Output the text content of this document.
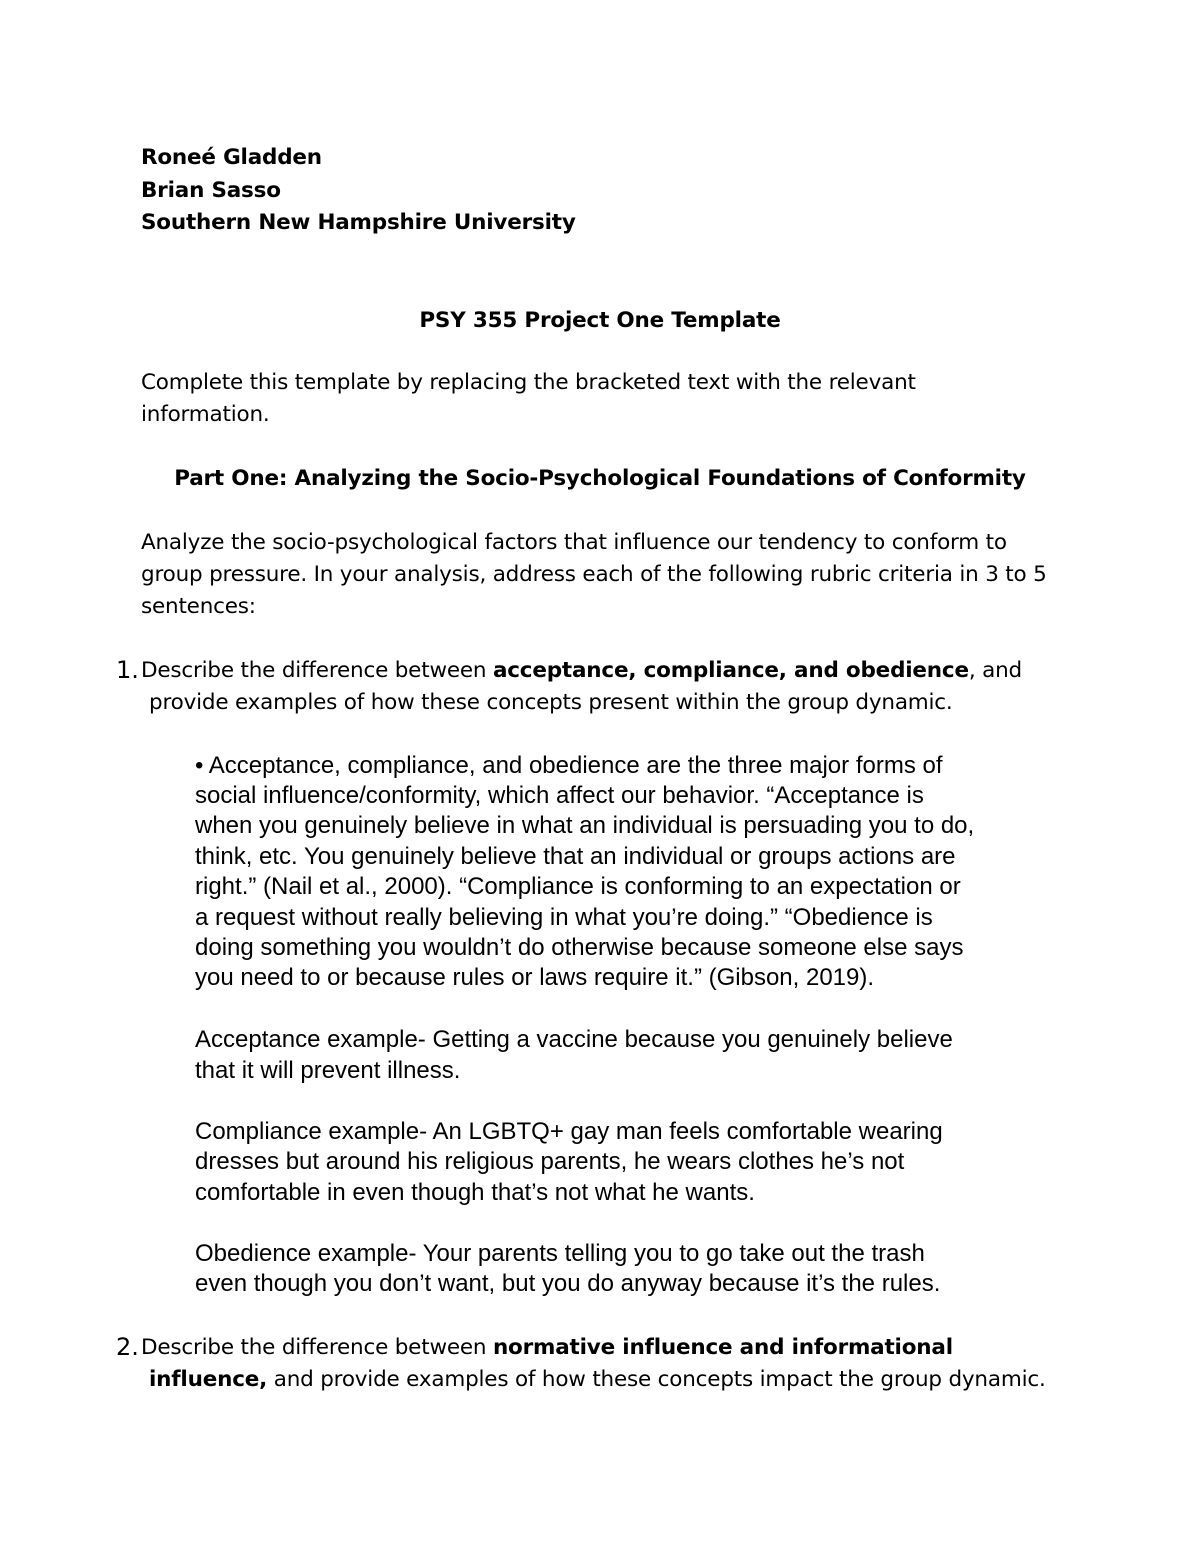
Roneé Gladden
Brian Sasso
Southern New Hampshire University
PSY 355 Project One Template
Complete this template by replacing the bracketed text with the relevant
information.
Part One: Analyzing the Socio-Psychological Foundations of Conformity
Analyze the socio-psychological factors that influence our tendency to conform to
group pressure. In your analysis, address each of the following rubric criteria in 3 to 5
sentences:
1. Describe the difference between acceptance, compliance, and obedience, and
provide examples of how these concepts present within the group dynamic.
• Acceptance, compliance, and obedience are the three major forms of
social influence/conformity, which affect our behavior. “Acceptance is
when you genuinely believe in what an individual is persuading you to do,
think, etc. You genuinely believe that an individual or groups actions are
right.” (Nail et al., 2000). “Compliance is conforming to an expectation or
a request without really believing in what you’re doing.” “Obedience is
doing something you wouldn’t do otherwise because someone else says
you need to or because rules or laws require it.” (Gibson, 2019).
Acceptance example- Getting a vaccine because you genuinely believe
that it will prevent illness.
Compliance example- An LGBTQ+ gay man feels comfortable wearing
dresses but around his religious parents, he wears clothes he’s not
comfortable in even though that’s not what he wants.
Obedience example- Your parents telling you to go take out the trash
even though you don’t want, but you do anyway because it’s the rules.
2. Describe the difference between normative influence and informational
influence, and provide examples of how these concepts impact the group dynamic.
